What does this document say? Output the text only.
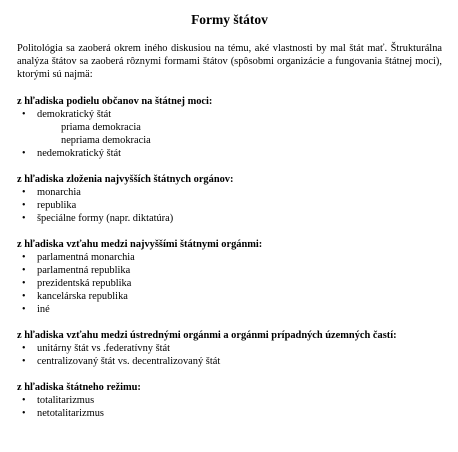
Formy štátov
Politológia sa zaoberá okrem iného diskusiou na tému, aké vlastnosti by mal štát mať. Štrukturálna analýza štátov sa zaoberá rôznymi formami štátov (spôsobmi organizácie a fungovania štátnej moci), ktorými sú najmä:

z hľadiska podielu občanov na štátnej moci:

•	demokratický štát
priama demokracia
nepriama demokracia
•	nedemokratický štát

z hľadiska zloženia najvyšších štátnych orgánov:

•	monarchia
•	republika
•	špeciálne formy (napr. diktatúra)

z hľadiska vzťahu medzi najvyššími štátnymi orgánmi:

•	parlamentná monarchia
•	parlamentná republika
•	prezidentská republika
•	kancelárska republika
•	iné

z hľadiska vzťahu medzi ústrednými orgánmi a orgánmi prípadných územných častí:

•	unitárny štát vs .federatívny štát
•	centralizovaný štát vs. decentralizovaný štát

z hľadiska štátneho režimu:

•	totalitarizmus
•	netotalitarizmus
